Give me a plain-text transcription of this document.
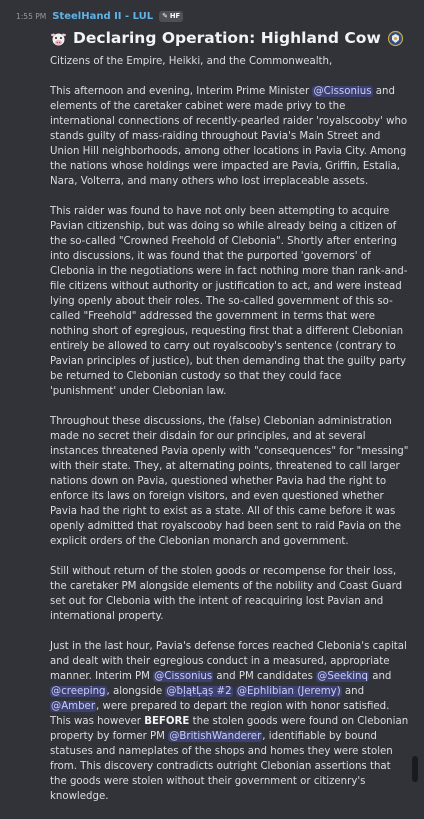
1:55 PM SteelHand II - LUL ✎ HF
Declaring Operation: Highland Cow

Citizens of the Empire, Heikki, and the Commonwealth,

This afternoon and evening, Interim Prime Minister @Cissonius and elements of the caretaker cabinet were made privy to the international connections of recently-pearled raider 'royalscooby' who stands guilty of mass-raiding throughout Pavia's Main Street and Union Hill neighborhoods, among other locations in Pavia City. Among the nations whose holdings were impacted are Pavia, Griffin, Estalia, Nara, Volterra, and many others who lost irreplaceable assets.

This raider was found to have not only been attempting to acquire Pavian citizenship, but was doing so while already being a citizen of the so-called "Crowned Freehold of Clebonia". Shortly after entering into discussions, it was found that the purported 'governors' of Clebonia in the negotiations were in fact nothing more than rank-and-file citizens without authority or justification to act, and were instead lying openly about their roles. The so-called government of this so-called "Freehold" addressed the government in terms that were nothing short of egregious, requesting first that a different Clebonian entirely be allowed to carry out royalscooby's sentence (contrary to Pavian principles of justice), but then demanding that the guilty party be returned to Clebonian custody so that they could face 'punishment' under Clebonian law.

Throughout these discussions, the (false) Clebonian administration made no secret their disdain for our principles, and at several instances threatened Pavia openly with "consequences" for "messing" with their state. They, at alternating points, threatened to call larger nations down on Pavia, questioned whether Pavia had the right to enforce its laws on foreign visitors, and even questioned whether Pavia had the right to exist as a state. All of this came before it was openly admitted that royalscooby had been sent to raid Pavia on the explicit orders of the Clebonian monarch and government.

Still without return of the stolen goods or recompense for their loss, the caretaker PM alongside elements of the nobility and Coast Guard set out for Clebonia with the intent of reacquiring lost Pavian and international property.

Just in the last hour, Pavia's defense forces reached Clebonia's capital and dealt with their egregious conduct in a measured, appropriate manner. Interim PM @Cissonius and PM candidates @Seekinq and @creeping, alongside @ƀļąŧĻąṣ #2 @Ephlibian (Jeremy) and @Amber, were prepared to depart the region with honor satisfied. This was however BEFORE the stolen goods were found on Clebonian property by former PM @BritishWanderer, identifiable by bound statuses and nameplates of the shops and homes they were stolen from. This discovery contradicts outright Clebonian assertions that the goods were stolen without their government or citizenry's knowledge.
